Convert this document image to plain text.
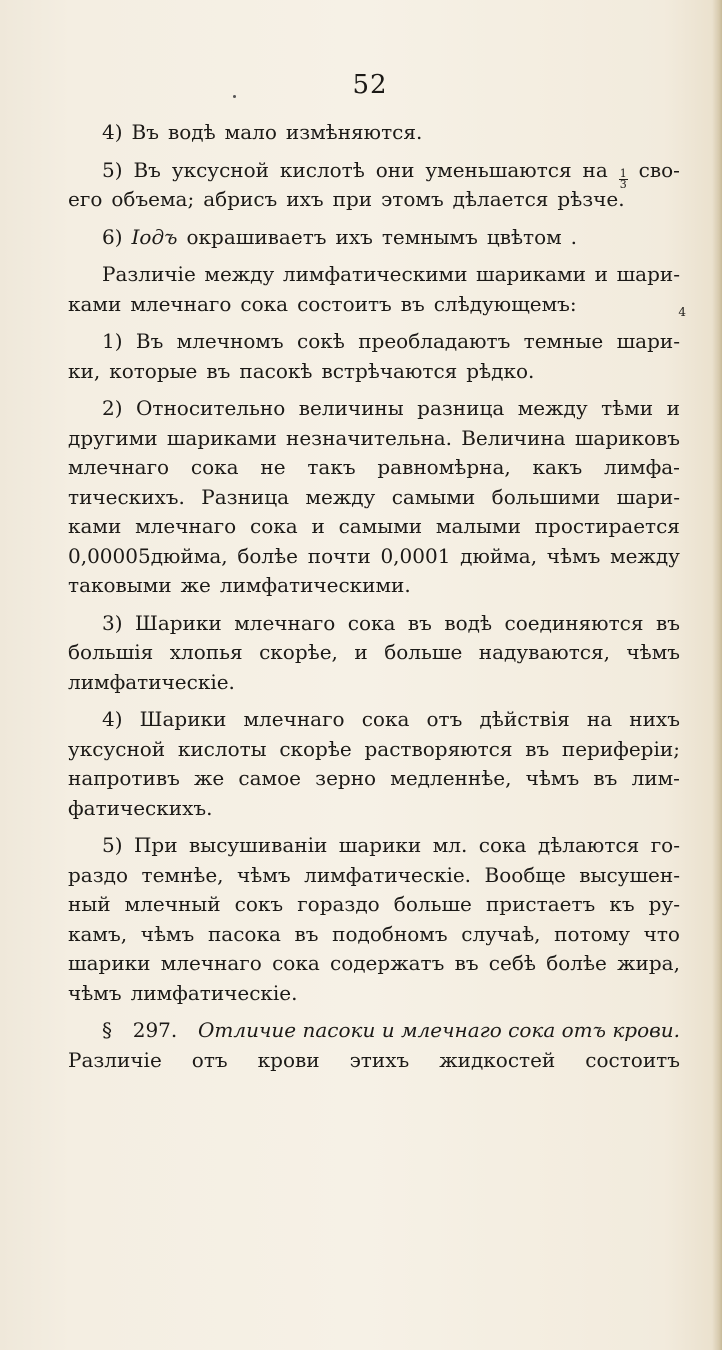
52
4) Въ водѣ мало измѣняются.
5) Въ уксусной кислотѣ они уменьшаются на $\frac{1}{3} сво-$
его объема; абрисъ ихъ при этомъ дѣлается рѣзче.
6) Іодъ окрашиваетъ ихъ темнымъ цвѣтом .
Различіе между лимфатическими шариками и шари-
ками млечнаго сока состоитъ въ слѣдующемъ:	4
1) Въ млечномъ сокѣ преобладаютъ темные шари-
ки, которые въ пасокѣ встрѣчаются рѣдко.
2) Относительно величины разница между тѣми и
другими шариками незначительна. Величина шариковъ
млечнаго сока не такъ равномѣрна, какъ лимфа-
тическихъ. Разница между самыми большими шари-
ками млечнаго сока и самыми малыми простирается
0,00005дюйма, болѣе почти 0,0001 дюйма, чѣмъ между
таковыми же лимфатическими.
3) Шарики млечнаго сока въ водѣ соединяются въ
большія хлопья скорѣе, и больше надуваются, чѣмъ
лимфатическіе.
4) Шарики млечнаго сока отъ дѣйствія на нихъ
уксусной кислоты скорѣе растворяются въ периферіи;
напротивъ же самое зерно медленнѣе, чѣмъ въ лим-
фатическихъ.
5) При высушиваніи шарики мл. сока дѣлаются го-
раздо темнѣе, чѣмъ лимфатическіе. Вообще высушен-
ный млечный сокъ гораздо больше пристаетъ къ ру-
камъ, чѣмъ пасока въ подобномъ случаѣ, потому что
шарики млечнаго сока содержатъ въ себѣ болѣе жира,
чѣмъ лимфатическіе.
§ 297. Отличие пасоки и млечнаго сока отъ крови.
Различіе отъ крови этихъ жидкостей состоитъ
